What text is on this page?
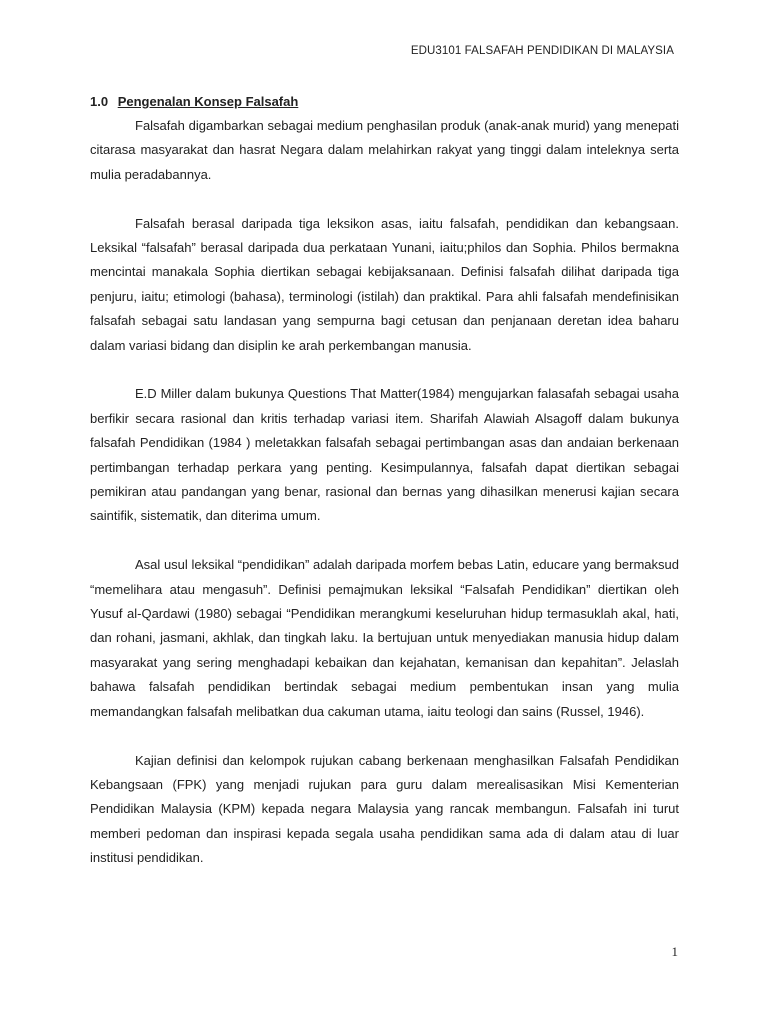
EDU3101 FALSAFAH PENDIDIKAN DI MALAYSIA
1.0 Pengenalan Konsep Falsafah

Falsafah digambarkan sebagai medium penghasilan produk (anak-anak murid) yang menepati citarasa masyarakat dan hasrat Negara dalam melahirkan rakyat yang tinggi dalam inteleknya serta mulia peradabannya.

Falsafah berasal daripada tiga leksikon asas, iaitu falsafah, pendidikan dan kebangsaan. Leksikal “falsafah” berasal daripada dua perkataan Yunani, iaitu;philos dan Sophia. Philos bermakna mencintai manakala Sophia diertikan sebagai kebijaksanaan. Definisi falsafah dilihat daripada tiga penjuru, iaitu; etimologi (bahasa), terminologi (istilah) dan praktikal. Para ahli falsafah mendefinisikan falsafah sebagai satu landasan yang sempurna bagi cetusan dan penjanaan deretan idea baharu dalam variasi bidang dan disiplin ke arah perkembangan manusia.

E.D Miller dalam bukunya Questions That Matter(1984) mengujarkan falasafah sebagai usaha berfikir secara rasional dan kritis terhadap variasi item. Sharifah Alawiah Alsagoff dalam bukunya falsafah Pendidikan (1984 ) meletakkan falsafah sebagai pertimbangan asas dan andaian berkenaan pertimbangan terhadap perkara yang penting. Kesimpulannya, falsafah dapat diertikan sebagai pemikiran atau pandangan yang benar, rasional dan bernas yang dihasilkan menerusi kajian secara saintifik, sistematik, dan diterima umum.

Asal usul leksikal “pendidikan” adalah daripada morfem bebas Latin, educare yang bermaksud “memelihara atau mengasuh”. Definisi pemajmukan leksikal “Falsafah Pendidikan” diertikan oleh Yusuf al-Qardawi (1980) sebagai “Pendidikan merangkumi keseluruhan hidup termasuklah akal, hati, dan rohani, jasmani, akhlak, dan tingkah laku. Ia bertujuan untuk menyediakan manusia hidup dalam masyarakat yang sering menghadapi kebaikan dan kejahatan, kemanisan dan kepahitan”. Jelaslah bahawa falsafah pendidikan bertindak sebagai medium pembentukan insan yang mulia memandangkan falsafah melibatkan dua cakuman utama, iaitu teologi dan sains (Russel, 1946).

Kajian definisi dan kelompok rujukan cabang berkenaan menghasilkan Falsafah Pendidikan Kebangsaan (FPK) yang menjadi rujukan para guru dalam merealisasikan Misi Kementerian Pendidikan Malaysia (KPM) kepada negara Malaysia yang rancak membangun. Falsafah ini turut memberi pedoman dan inspirasi kepada segala usaha pendidikan sama ada di dalam atau di luar institusi pendidikan.

1
